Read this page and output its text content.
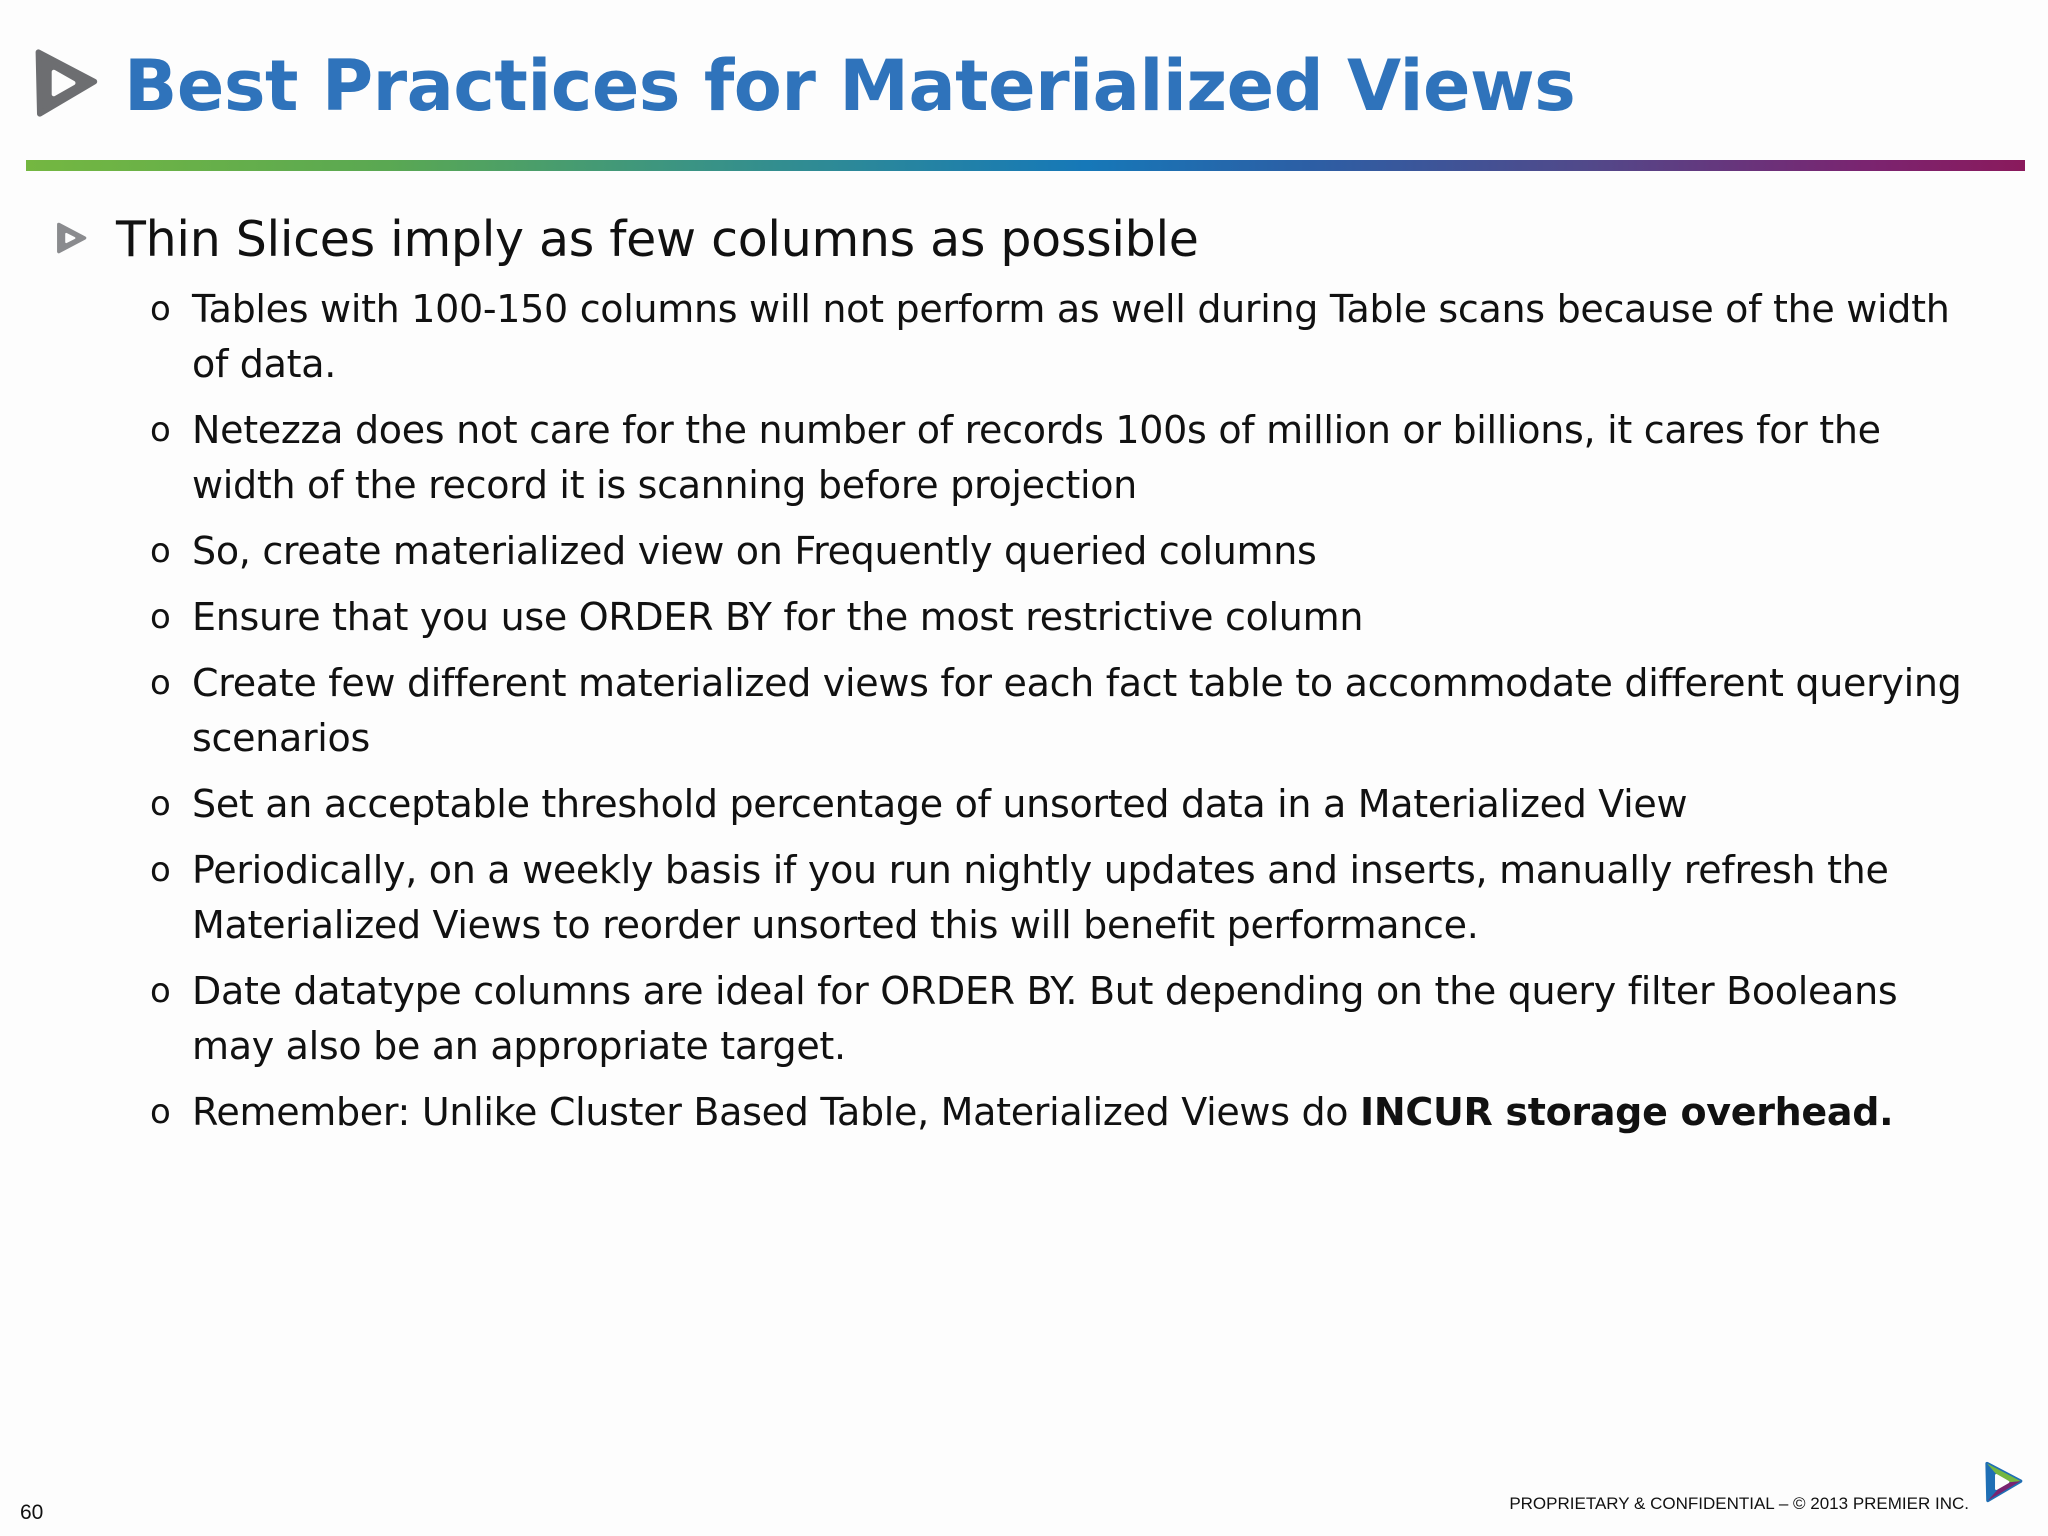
Best Practices for Materialized Views
Thin Slices imply as few columns as possible
o Tables with 100-150 columns will not perform as well during Table scans because of the width of data.
o Netezza does not care for the number of records 100s of million or billions, it cares for the width of the record it is scanning before projection
o So, create materialized view on Frequently queried columns
o Ensure that you use ORDER BY for the most restrictive column
o Create few different materialized views for each fact table to accommodate different querying scenarios
o Set an acceptable threshold percentage of unsorted data in a Materialized View
o Periodically, on a weekly basis if you run nightly updates and inserts, manually refresh the Materialized Views to reorder unsorted this will benefit performance.
o Date datatype columns are ideal for ORDER BY. But depending on the query filter Booleans may also be an appropriate target.
o Remember: Unlike Cluster Based Table, Materialized Views do INCUR storage overhead.
60	PROPRIETARY & CONFIDENTIAL – © 2013 PREMIER INC.
